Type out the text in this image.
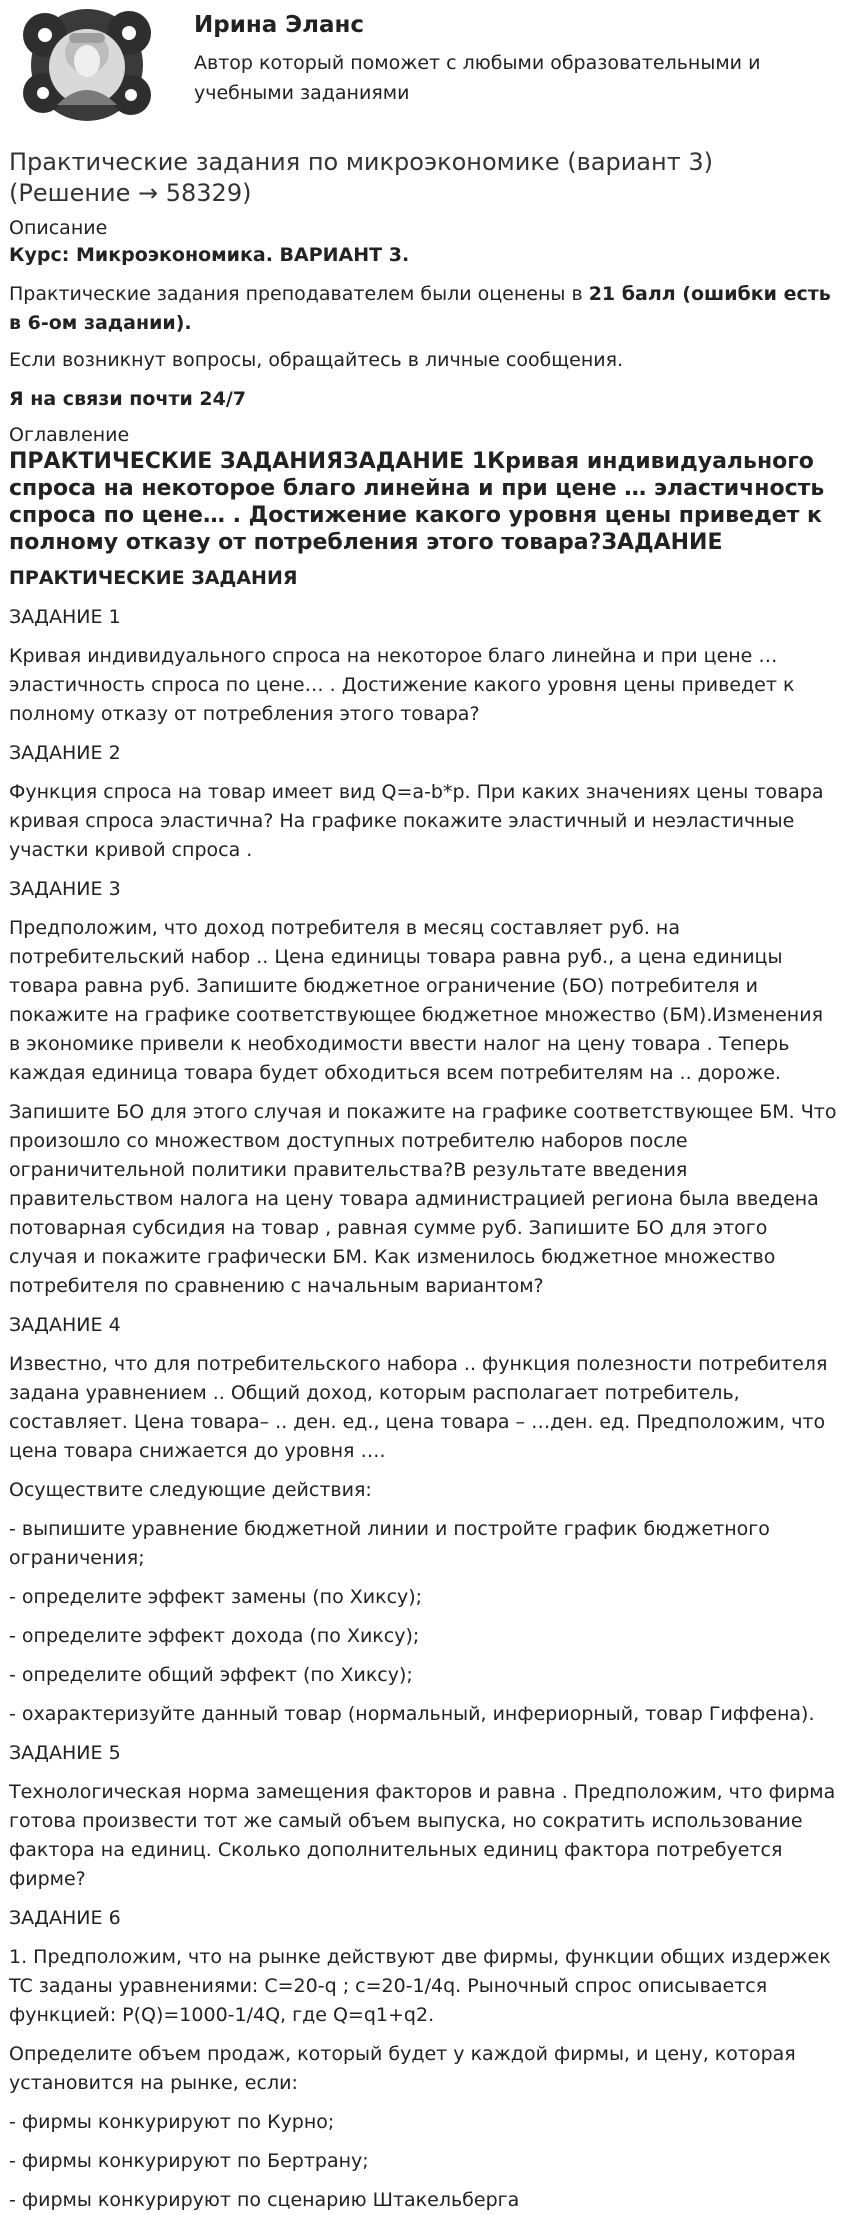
Ирина Эланс
Автор который поможет с любыми образовательными и учебными заданиями
Практические задания по микроэкономике (вариант 3)
(Решение → 58329)
Описание

Курс: Микроэкономика. ВАРИАНТ 3.

Практические задания преподавателем были оценены в 21 балл (ошибки есть в 6-ом задании).

Если возникнут вопросы, обращайтесь в личные сообщения.

Я на связи почти 24/7

Оглавление
ПРАКТИЧЕСКИЕ ЗАДАНИЯЗАДАНИЕ 1Кривая индивидуального спроса на некоторое благо линейна и при цене … эластичность спроса по цене… . Достижение какого уровня цены приведет к полному отказу от потребления этого товара?ЗАДАНИЕ

ПРАКТИЧЕСКИЕ ЗАДАНИЯ

ЗАДАНИЕ 1

Кривая индивидуального спроса на некоторое благо линейна и при цене … эластичность спроса по цене… . Достижение какого уровня цены приведет к полному отказу от потребления этого товара?

ЗАДАНИЕ 2

Функция спроса на товар имеет вид Q=a-b*p. При каких значениях цены товара кривая спроса эластична? На графике покажите эластичный и неэластичные участки кривой спроса .

ЗАДАНИЕ 3

Предположим, что доход потребителя в месяц составляет руб. на потребительский набор .. Цена единицы товара равна руб., а цена единицы товара равна руб. Запишите бюджетное ограничение (БО) потребителя и покажите на графике соответствующее бюджетное множество (БМ).Изменения в экономике привели к необходимости ввести налог на цену товара . Теперь каждая единица товара будет обходиться всем потребителям на .. дороже.

Запишите БО для этого случая и покажите на графике соответствующее БМ. Что произошло со множеством доступных потребителю наборов после ограничительной политики правительства?В результате введения правительством налога на цену товара администрацией региона была введена потоварная субсидия на товар , равная сумме руб. Запишите БО для этого случая и покажите графически БМ. Как изменилось бюджетное множество потребителя по сравнению с начальным вариантом?

ЗАДАНИЕ 4

Известно, что для потребительского набора .. функция полезности потребителя задана уравнением .. Общий доход, которым располагает потребитель, составляет. Цена товара– .. ден. ед., цена товара – …ден. ед. Предположим, что цена товара снижается до уровня ….

Осуществите следующие действия:

- выпишите уравнение бюджетной линии и постройте график бюджетного ограничения;

- определите эффект замены (по Хиксу);

- определите эффект дохода (по Хиксу);

- определите общий эффект (по Хиксу);

- охарактеризуйте данный товар (нормальный, инфериорный, товар Гиффена).

ЗАДАНИЕ 5

Технологическая норма замещения факторов и равна . Предположим, что фирма готова произвести тот же самый объем выпуска, но сократить использование фактора на единиц. Сколько дополнительных единиц фактора потребуется фирме?

ЗАДАНИЕ 6

1. Предположим, что на рынке действуют две фирмы, функции общих издержек TC заданы уравнениями: C=20-q ; c=20-1/4q. Рыночный спрос описывается функцией: P(Q)=1000-1/4Q, где Q=q1+q2.

Определите объем продаж, который будет у каждой фирмы, и цену, которая установится на рынке, если:

- фирмы конкурируют по Курно;

- фирмы конкурируют по Бертрану;

- фирмы конкурируют по сценарию Штакельберга
